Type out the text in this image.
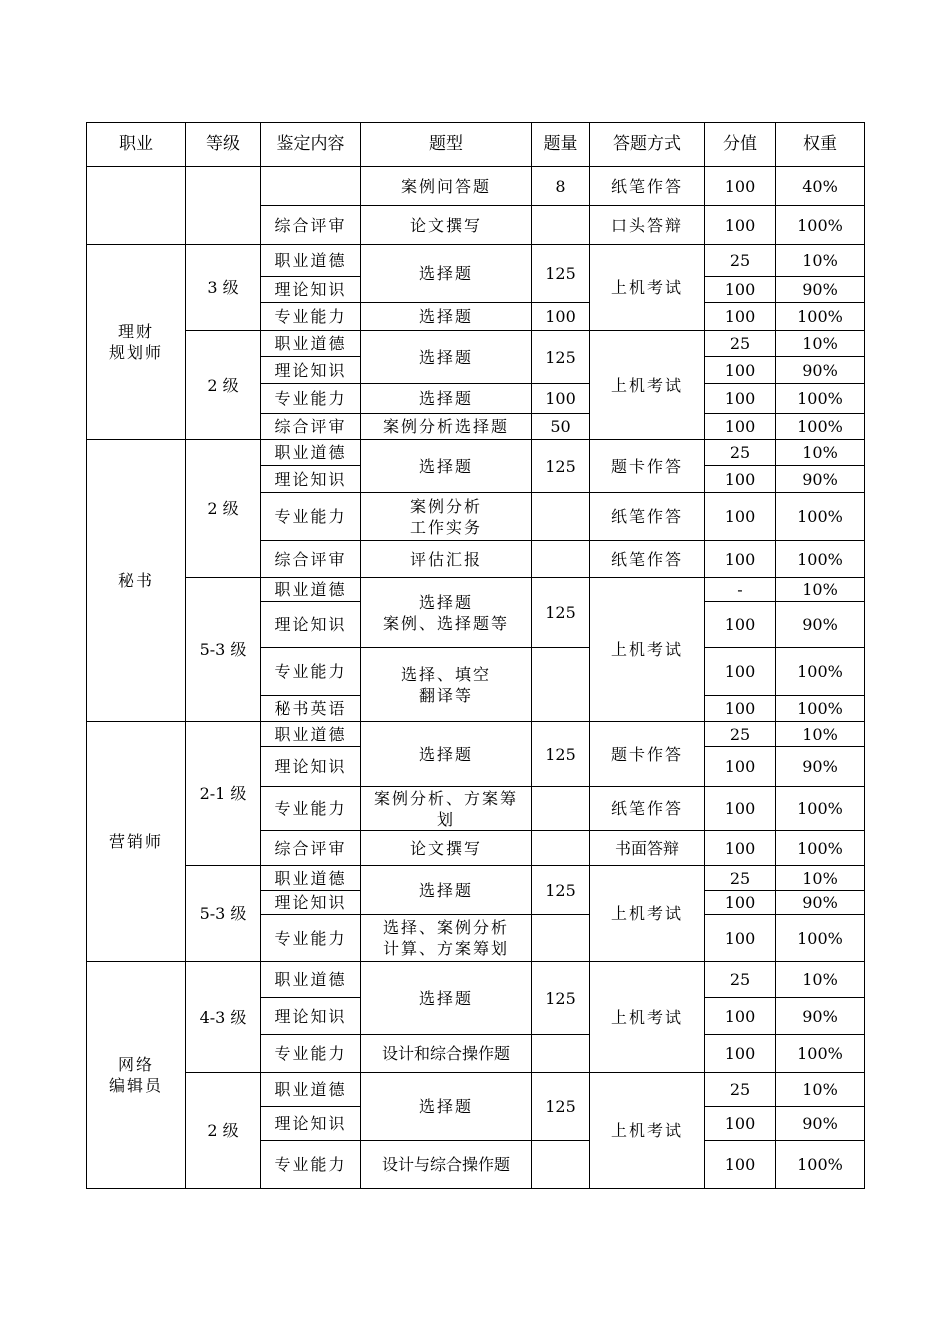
职业	等级	鉴定内容	题型	题量	答题方式	分值	权重
			案例问答题	8	纸笔作答	100	40%
		综合评审	论文撰写		口头答辩	100	100%

理财
规划师	3 级	职业道德	选择题	125	上机考试	25	10%
		理论知识				100	90%
		专业能力	选择题	100		100	100%
	2 级	职业道德	选择题	125	上机考试	25	10%
		理论知识				100	90%
		专业能力	选择题	100		100	100%
		综合评审	案例分析选择题	50		100	100%
秘书	2 级	职业道德	选择题	125	题卡作答	25	10%
		理论知识				100	90%
		专业能力	案例分析
工作实务		纸笔作答	100	100%
		综合评审	评估汇报		纸笔作答	100	100%
	5-3 级	职业道德	选择题
案例、选择题等	125	上机考试	-	10%
		理论知识				100	90%
		专业能力	选择、填空
翻译等			100	100%
		秘书英语				100	100%
营销师	2-1 级	职业道德	选择题	125	题卡作答	25	10%
		理论知识				100	90%
		专业能力	案例分析、方案筹
划		纸笔作答	100	100%
		综合评审	论文撰写		书面答辩	100	100%
	5-3 级	职业道德	选择题	125	上机考试	25	10%
		理论知识				100	90%
		专业能力	选择、案例分析
计算、方案筹划			100	100%

网络
编辑员	4-3 级	职业道德	选择题	125	上机考试	25	10%
		理论知识				100	90%
		专业能力	设计和综合操作题			100	100%
	2 级	职业道德	选择题	125	上机考试	25	10%
		理论知识				100	90%
		专业能力	设计与综合操作题			100	100%
